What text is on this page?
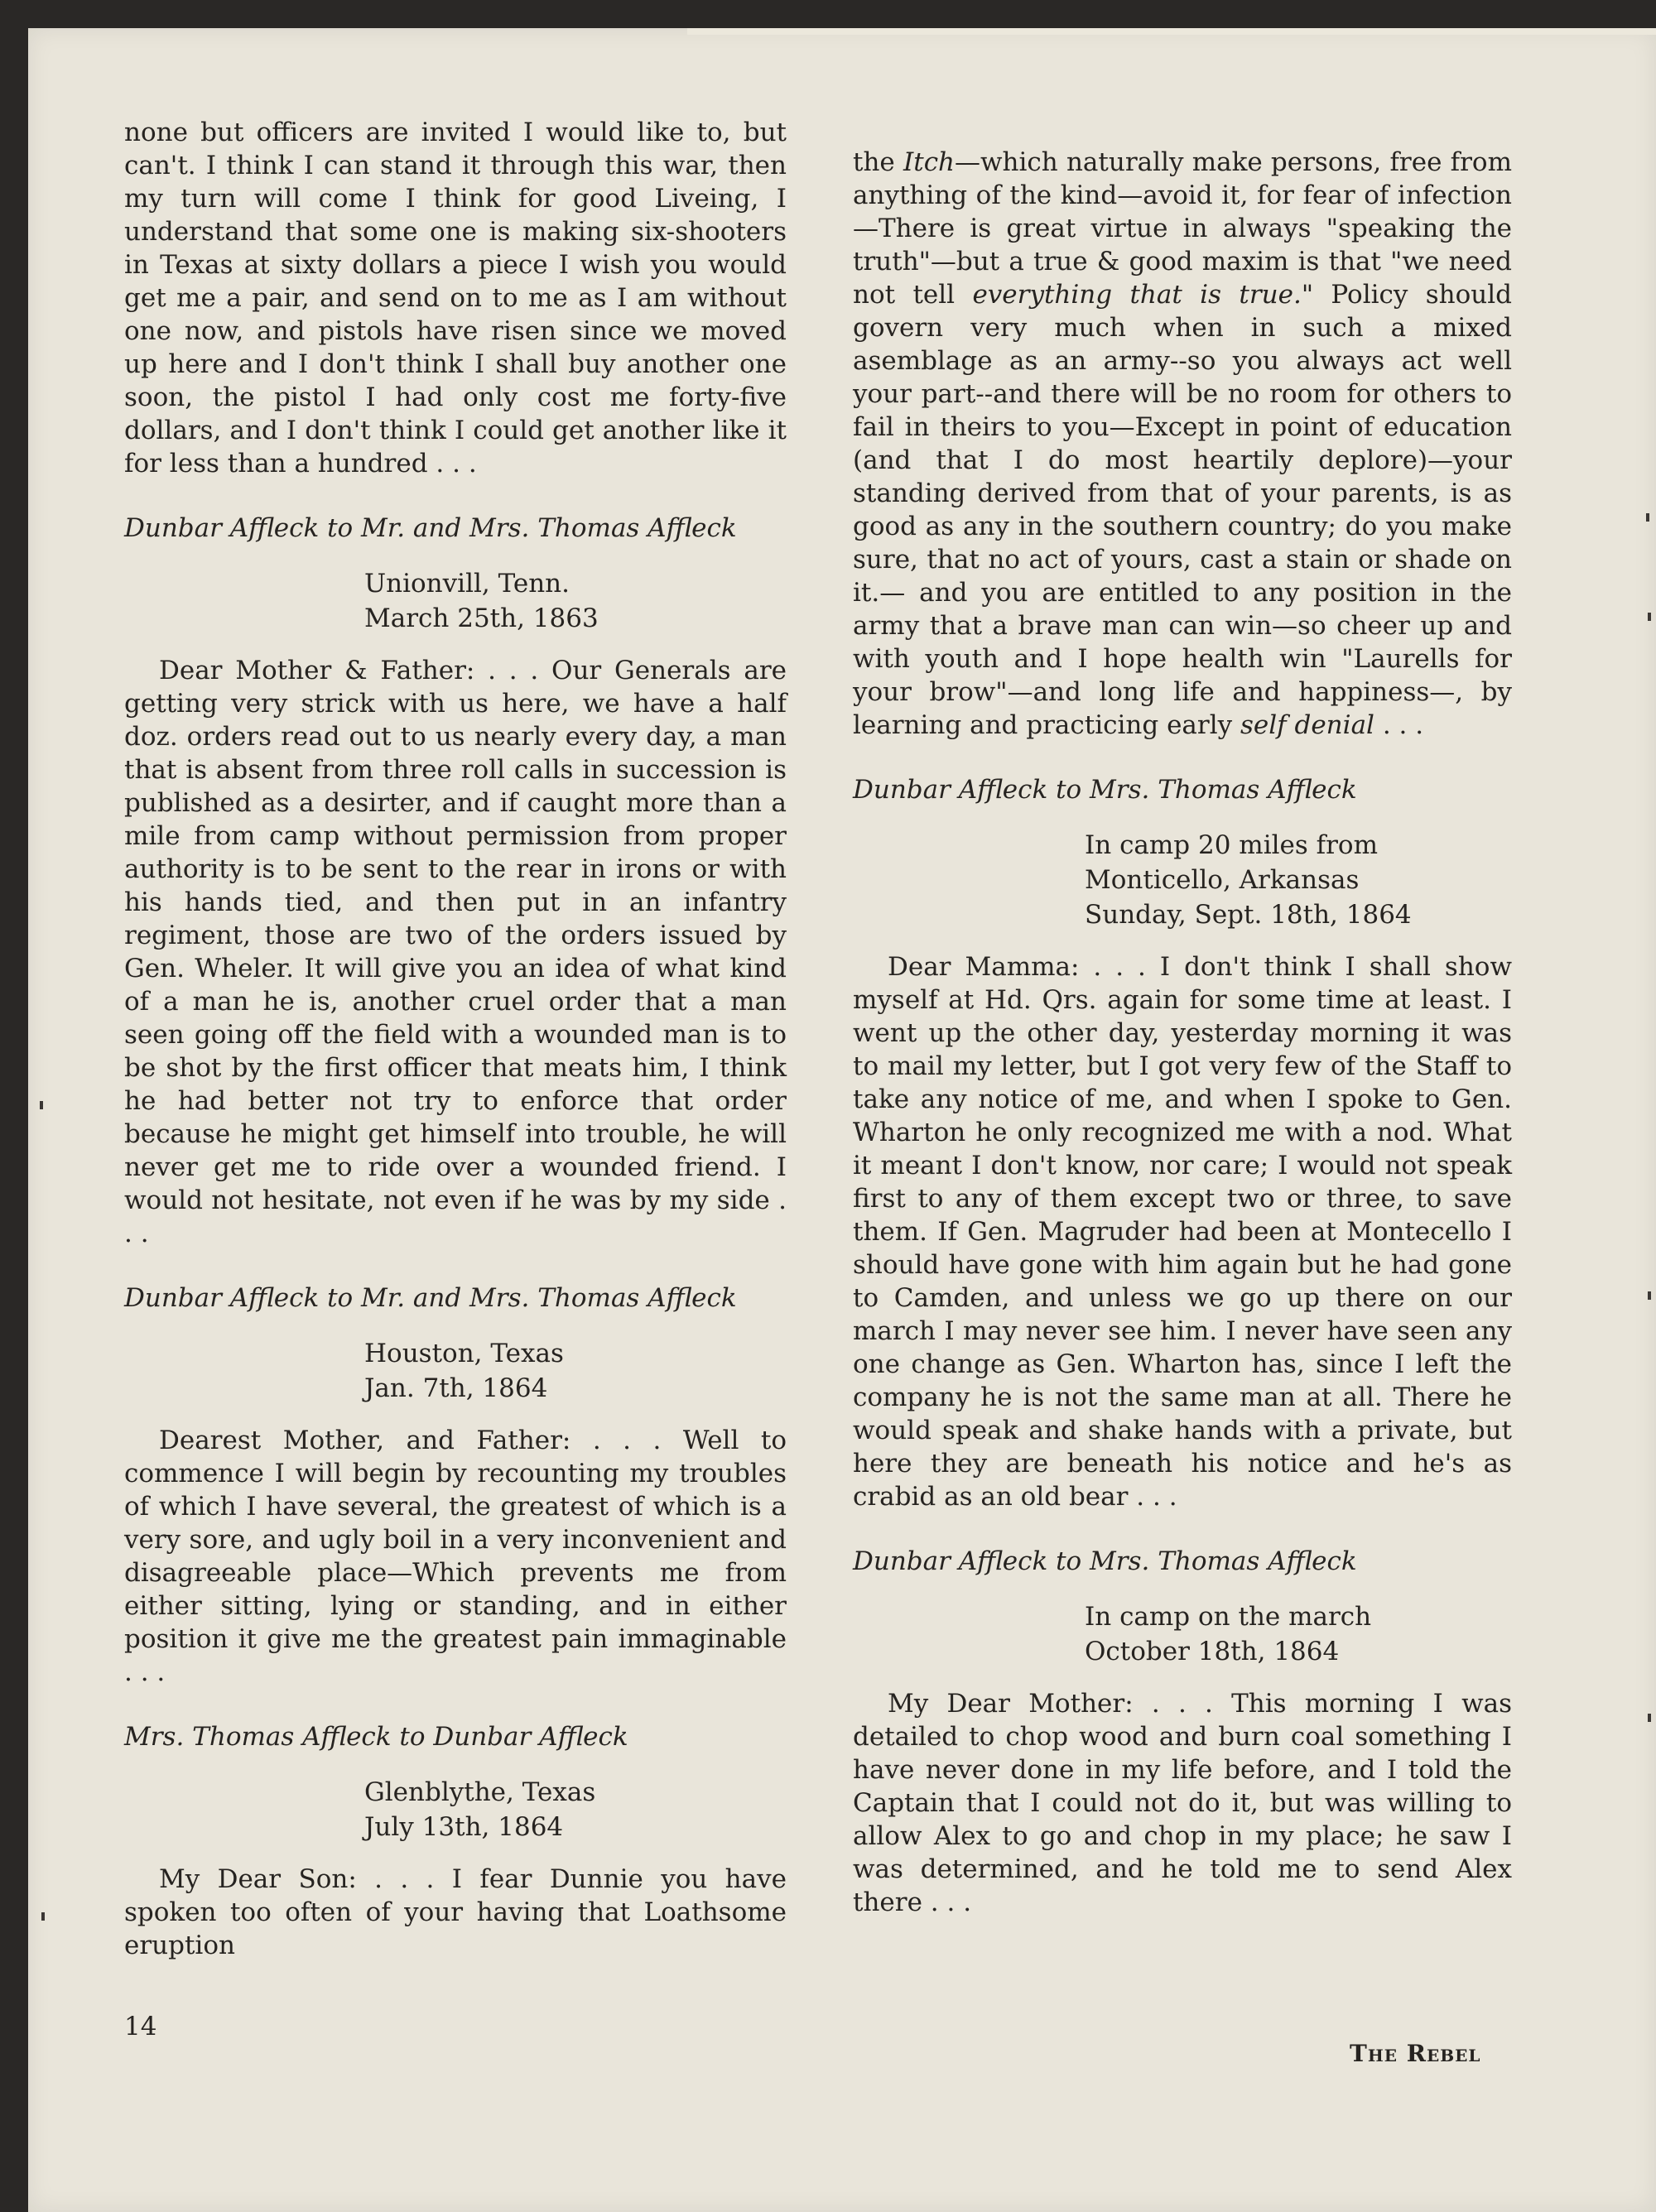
none but officers are invited I would like to, but can't. I think I can stand it through this war, then my turn will come I think for good Liveing, I understand that some one is making six-shooters in Texas at sixty dollars a piece I wish you would get me a pair, and send on to me as I am without one now, and pistols have risen since we moved up here and I don't think I shall buy another one soon, the pistol I had only cost me forty-five dollars, and I don't think I could get another like it for less than a hundred . . .

Dunbar Affleck to Mr. and Mrs. Thomas Affleck
Unionvill, Tenn.
March 25th, 1863

Dear Mother & Father: . . . Our Generals are getting very strick with us here, we have a half doz. orders read out to us nearly every day, a man that is absent from three roll calls in succession is published as a desirter, and if caught more than a mile from camp without permission from proper authority is to be sent to the rear in irons or with his hands tied, and then put in an infantry regiment, those are two of the orders issued by Gen. Wheler. It will give you an idea of what kind of a man he is, another cruel order that a man seen going off the field with a wounded man is to be shot by the first officer that meats him, I think he had better not try to enforce that order because he might get himself into trouble, he will never get me to ride over a wounded friend. I would not hesitate, not even if he was by my side . . .

Dunbar Affleck to Mr. and Mrs. Thomas Affleck
Houston, Texas
Jan. 7th, 1864

Dearest Mother, and Father: . . . Well to commence I will begin by recounting my troubles of which I have several, the greatest of which is a very sore, and ugly boil in a very inconvenient and disagreeable place—Which prevents me from either sitting, lying or standing, and in either position it give me the greatest pain immaginable . . .

Mrs. Thomas Affleck to Dunbar Affleck
Glenblythe, Texas
July 13th, 1864

My Dear Son: . . . I fear Dunnie you have spoken too often of your having that Loathsome eruption

the Itch—which naturally make persons, free from anything of the kind—avoid it, for fear of infection—There is great virtue in always "speaking the truth"—but a true & good maxim is that "we need not tell everything that is true." Policy should govern very much when in such a mixed asemblage as an army--so you always act well your part--and there will be no room for others to fail in theirs to you—Except in point of education (and that I do most heartily deplore)—your standing derived from that of your parents, is as good as any in the southern country; do you make sure, that no act of yours, cast a stain or shade on it.— and you are entitled to any position in the army that a brave man can win—so cheer up and with youth and I hope health win "Laurells for your brow"—and long life and happiness—, by learning and practicing early self denial . . .

Dunbar Affleck to Mrs. Thomas Affleck
In camp 20 miles from
Monticello, Arkansas
Sunday, Sept. 18th, 1864

Dear Mamma: . . . I don't think I shall show myself at Hd. Qrs. again for some time at least. I went up the other day, yesterday morning it was to mail my letter, but I got very few of the Staff to take any notice of me, and when I spoke to Gen. Wharton he only recognized me with a nod. What it meant I don't know, nor care; I would not speak first to any of them except two or three, to save them. If Gen. Magruder had been at Montecello I should have gone with him again but he had gone to Camden, and unless we go up there on our march I may never see him. I never have seen any one change as Gen. Wharton has, since I left the company he is not the same man at all. There he would speak and shake hands with a private, but here they are beneath his notice and he's as crabid as an old bear . . .

Dunbar Affleck to Mrs. Thomas Affleck
In camp on the march
October 18th, 1864

My Dear Mother: . . . This morning I was detailed to chop wood and burn coal something I have never done in my life before, and I told the Captain that I could not do it, but was willing to allow Alex to go and chop in my place; he saw I was determined, and he told me to send Alex there . . .

14
The Rebel
